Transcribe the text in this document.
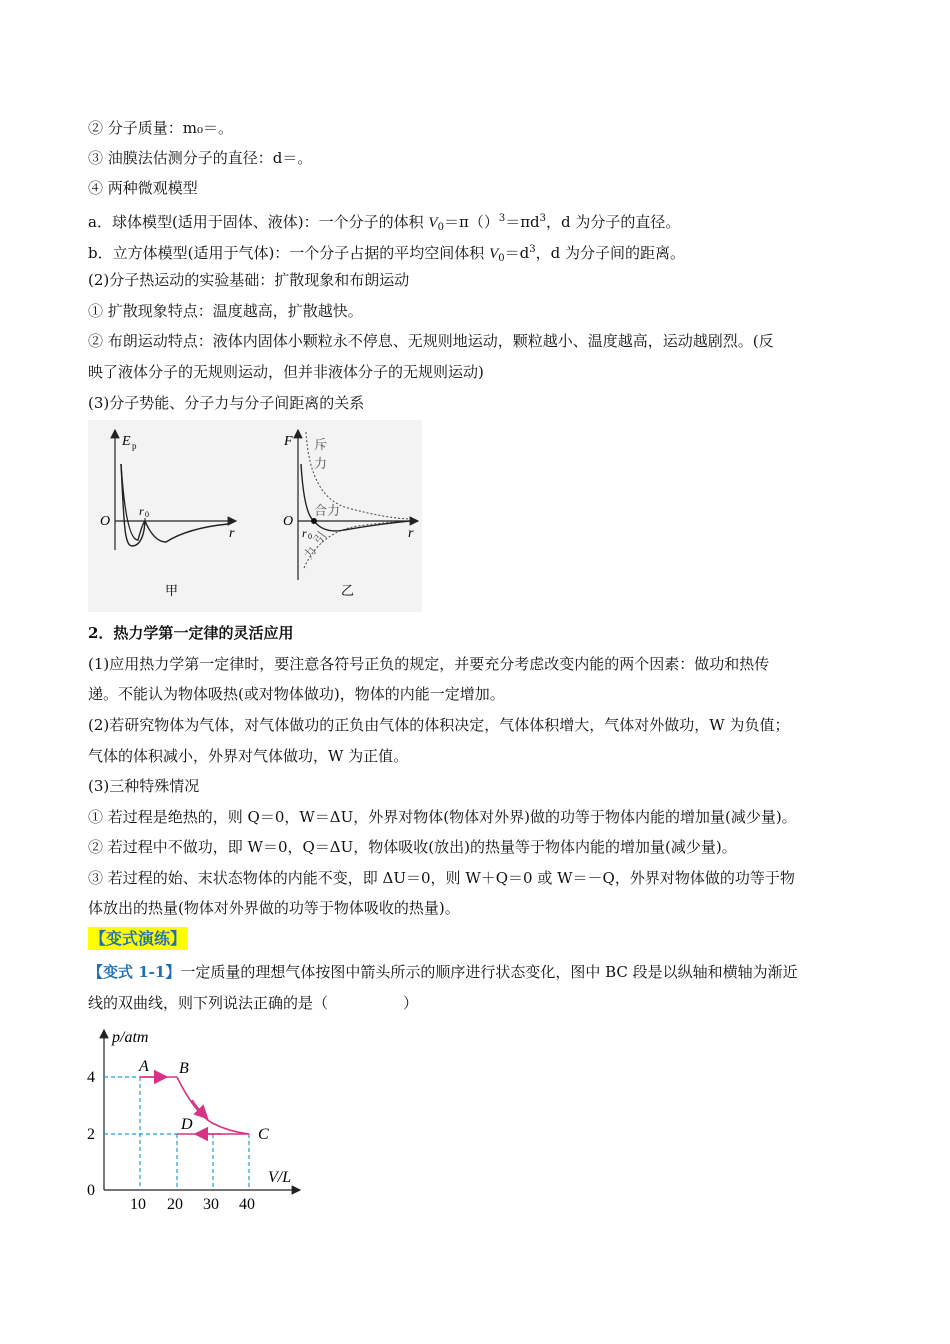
② 分子质量：m₀＝。
③ 油膜法估测分子的直径：d＝。
④ 两种微观模型
a．球体模型(适用于固体、液体)：一个分子的体积 $V_0=\pi()^3=\pi d^3$，d 为分子的直径。
b．立方体模型(适用于气体)：一个分子占据的平均空间体积 $V_0=d^3$，d 为分子间的距离。
(2)分子热运动的实验基础：扩散现象和布朗运动
① 扩散现象特点：温度越高，扩散越快。
② 布朗运动特点：液体内固体小颗粒永不停息、无规则地运动，颗粒越小、温度越高，运动越剧烈。(反
映了液体分子的无规则运动，但并非液体分子的无规则运动)
(3)分子势能、分子力与分子间距离的关系
E p
O
r 0
r
甲
F
O
r 0	r
斥
力
合力
引
力
乙
2．热力学第一定律的灵活应用
(1)应用热力学第一定律时，要注意各符号正负的规定，并要充分考虑改变内能的两个因素：做功和热传
递。不能认为物体吸热(或对物体做功)，物体的内能一定增加。
(2)若研究物体为气体，对气体做功的正负由气体的体积决定，气体体积增大，气体对外做功，W 为负值；
气体的体积减小，外界对气体做功，W 为正值。
(3)三种特殊情况
① 若过程是绝热的，则 Q＝0，W＝ΔU，外界对物体(物体对外界)做的功等于物体内能的增加量(减少量)。
② 若过程中不做功，即 W＝0，Q＝ΔU，物体吸收(放出)的热量等于物体内能的增加量(减少量)。
③ 若过程的始、末状态物体的内能不变，即 ΔU＝0，则 W＋Q＝0 或 W＝－Q，外界对物体做的功等于物
体放出的热量(物体对外界做的功等于物体吸收的热量)。
【变式演练】
【变式 1-1】一定质量的理想气体按图中箭头所示的顺序进行状态变化，图中 BC 段是以纵轴和横轴为渐近
线的双曲线，则下列说法正确的是（　　　　　）
p/atm
V/L
4
2
0
10 20 30 40
A B
C
D
